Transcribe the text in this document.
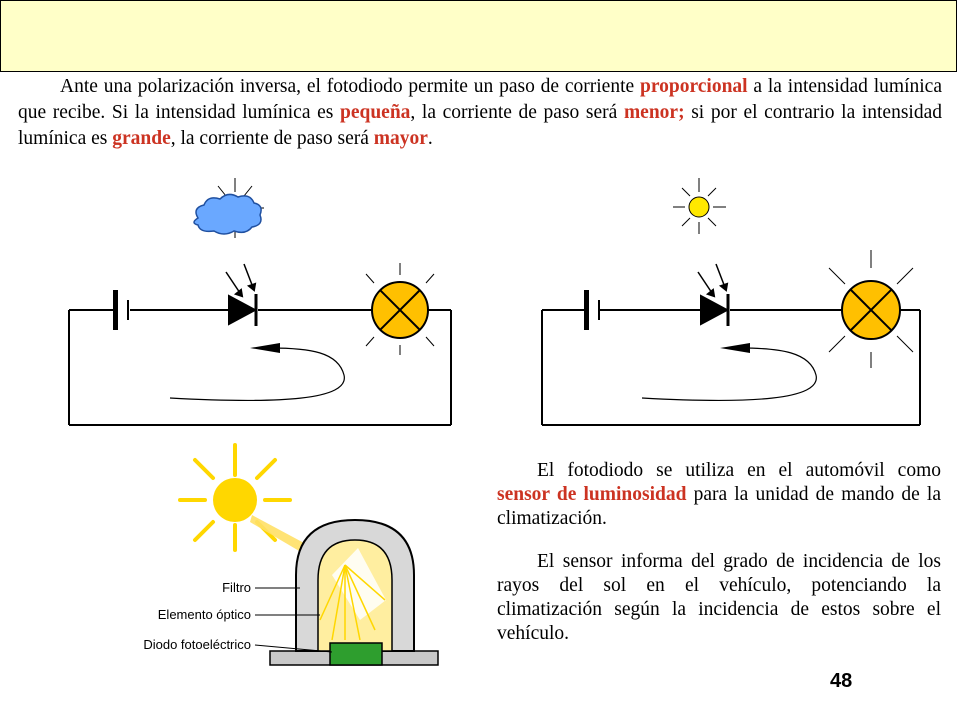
Ante una polarización inversa, el fotodiodo permite un paso de corriente proporcional a la intensidad lumínica que recibe. Si la intensidad lumínica es pequeña, la corriente de paso será menor; si por el contrario la intensidad lumínica es grande, la corriente de paso será mayor.

Filtro
Elemento óptico
Diodo fotoeléctrico

El fotodiodo se utiliza en el automóvil como sensor de luminosidad para la unidad de mando de la climatización.

El sensor informa del grado de incidencia de los rayos del sol en el vehículo, potenciando la climatización según la incidencia de estos sobre el vehículo.

48
